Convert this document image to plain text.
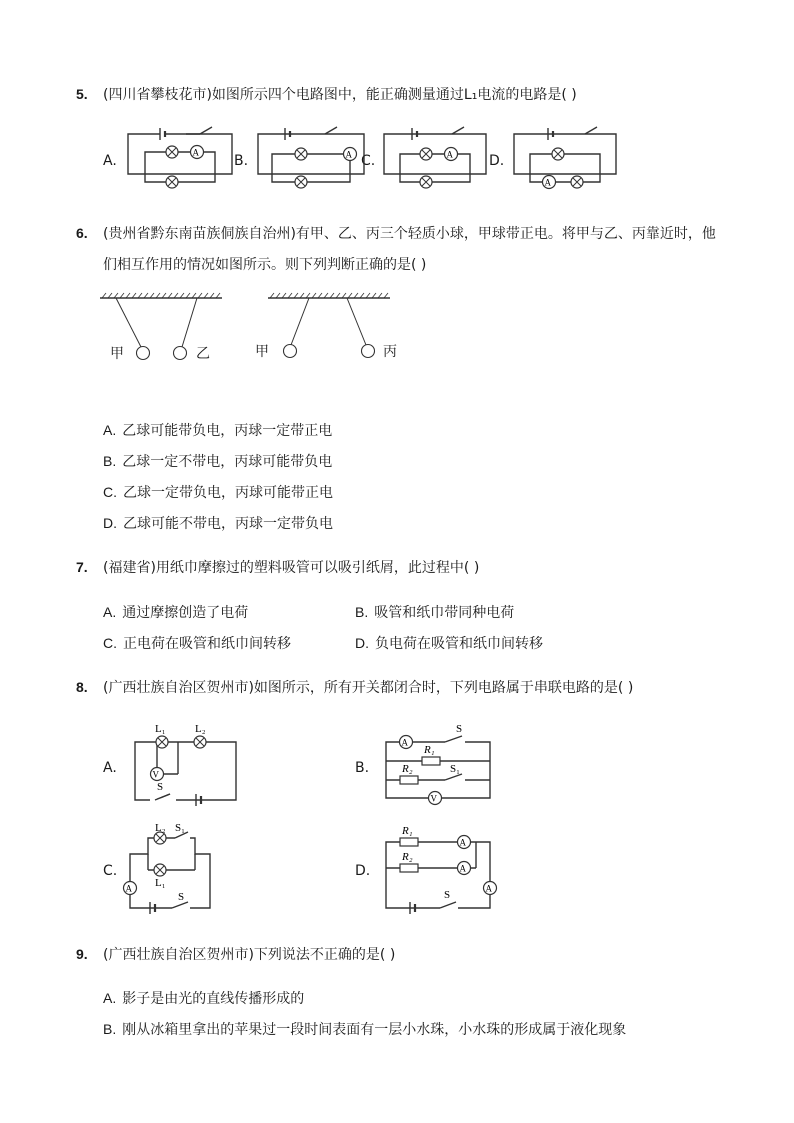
5. (四川省攀枝花市)如图所示四个电路图中，能正确测量通过L₁电流的电路是( )
A.	B.	C.	D.
A	A	A
A
6. (贵州省黔东南苗族侗族自治州)有甲、乙、丙三个轻质小球，甲球带正电。将甲与乙、丙靠近时，他
们相互作用的情况如图所示。则下列判断正确的是( )
甲	乙	甲	丙
A. 乙球可能带负电，丙球一定带正电
B. 乙球一定不带电，丙球可能带负电
C. 乙球一定带负电，丙球可能带正电
D. 乙球可能不带电，丙球一定带负电
7. (福建省)用纸巾摩擦过的塑料吸管可以吸引纸屑，此过程中( )
A. 通过摩擦创造了电荷	B. 吸管和纸巾带同种电荷
C. 正电荷在吸管和纸巾间转移	D. 负电荷在吸管和纸巾间转移
8. (广西壮族自治区贺州市)如图所示，所有开关都闭合时，下列电路属于串联电路的是( )
A.	B.
C.	D.
V
L₁	L₂
S
A
S
R₁
R₂	S₁
V
L₂ S₁
L₁
A
S
R₁
A
R₂
A
A
S
9. (广西壮族自治区贺州市)下列说法不正确的是( )
A. 影子是由光的直线传播形成的
B. 刚从冰箱里拿出的苹果过一段时间表面有一层小水珠，小水珠的形成属于液化现象
